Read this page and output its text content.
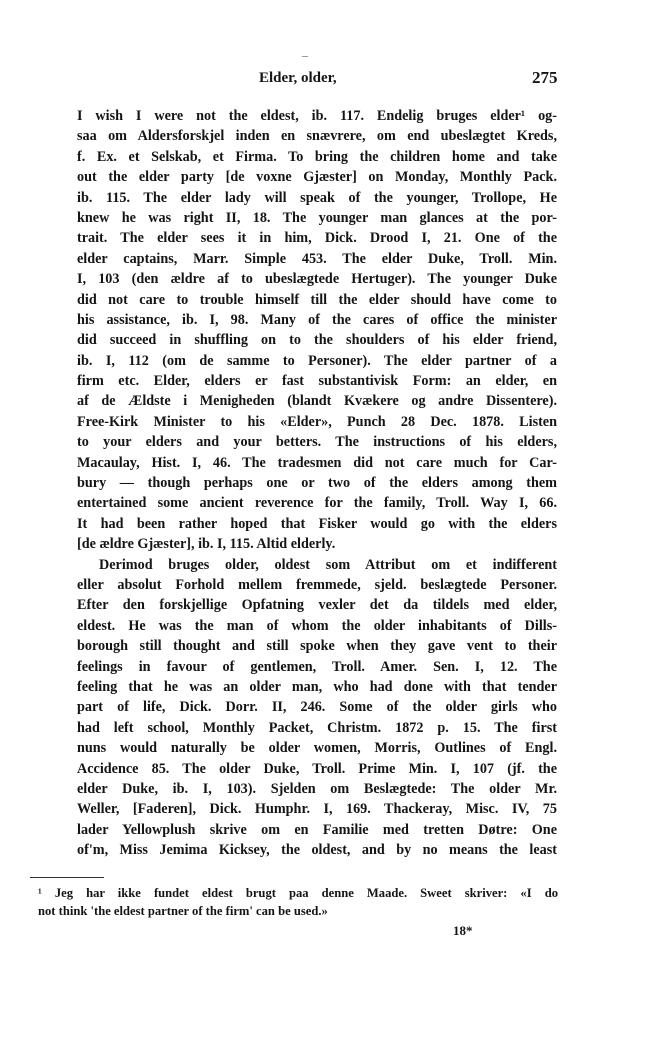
Elder, older,	275
I wish I were not the eldest, ib. 117. Endelig bruges elder¹ og-
saa om Aldersforskjel inden en snævrere, om end ubeslægtet Kreds,
f. Ex. et Selskab, et Firma. To bring the children home and take
out the elder party [de voxne Gjæster] on Monday, Monthly Pack.
ib. 115. The elder lady will speak of the younger, Trollope, He
knew he was right II, 18. The younger man glances at the por-
trait. The elder sees it in him, Dick. Drood I, 21. One of the
elder captains, Marr. Simple 453. The elder Duke, Troll. Min.
I, 103 (den ældre af to ubeslægtede Hertuger). The younger Duke
did not care to trouble himself till the elder should have come to
his assistance, ib. I, 98. Many of the cares of office the minister
did succeed in shuffling on to the shoulders of his elder friend,
ib. I, 112 (om de samme to Personer). The elder partner of a
firm etc. Elder, elders er fast substantivisk Form: an elder, en
af de Ældste i Menigheden (blandt Kvækere og andre Dissentere).
Free-Kirk Minister to his «Elder», Punch 28 Dec. 1878. Listen
to your elders and your betters. The instructions of his elders,
Macaulay, Hist. I, 46. The tradesmen did not care much for Car-
bury — though perhaps one or two of the elders among them
entertained some ancient reverence for the family, Troll. Way I, 66.
It had been rather hoped that Fisker would go with the elders
[de ældre Gjæster], ib. I, 115. Altid elderly.
Derimod bruges older, oldest som Attribut om et indifferent
eller absolut Forhold mellem fremmede, sjeld. beslægtede Personer.
Efter den forskjellige Opfatning vexler det da tildels med elder,
eldest. He was the man of whom the older inhabitants of Dills-
borough still thought and still spoke when they gave vent to their
feelings in favour of gentlemen, Troll. Amer. Sen. I, 12. The
feeling that he was an older man, who had done with that tender
part of life, Dick. Dorr. II, 246. Some of the older girls who
had left school, Monthly Packet, Christm. 1872 p. 15. The first
nuns would naturally be older women, Morris, Outlines of Engl.
Accidence 85. The older Duke, Troll. Prime Min. I, 107 (jf. the
elder Duke, ib. I, 103). Sjelden om Beslægtede: The older Mr.
Weller, [Faderen], Dick. Humphr. I, 169. Thackeray, Misc. IV, 75
lader Yellowplush skrive om en Familie med tretten Døtre: One
of'm, Miss Jemima Kicksey, the oldest, and by no means the least
¹ Jeg har ikke fundet eldest brugt paa denne Maade. Sweet skriver: «I do
not think 'the eldest partner of the firm' can be used.»
18*
–
